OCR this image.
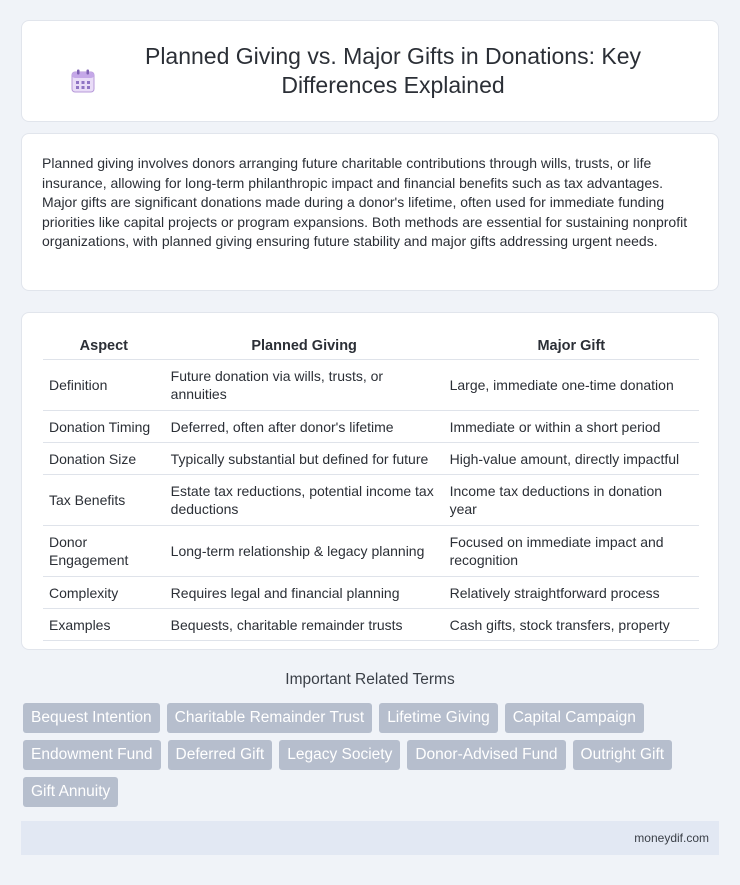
Planned Giving vs. Major Gifts in Donations: Key Differences Explained

Planned giving involves donors arranging future charitable contributions through wills, trusts, or life insurance, allowing for long-term philanthropic impact and financial benefits such as tax advantages. Major gifts are significant donations made during a donor's lifetime, often used for immediate funding priorities like capital projects or program expansions. Both methods are essential for sustaining nonprofit organizations, with planned giving ensuring future stability and major gifts addressing urgent needs.

Aspect	Planned Giving	Major Gift
Definition	Future donation via wills, trusts, or annuities	Large, immediate one-time donation
Donation Timing	Deferred, often after donor's lifetime	Immediate or within a short period
Donation Size	Typically substantial but defined for future	High-value amount, directly impactful
Tax Benefits	Estate tax reductions, potential income tax deductions	Income tax deductions in donation year
Donor Engagement	Long-term relationship & legacy planning	Focused on immediate impact and recognition
Complexity	Requires legal and financial planning	Relatively straightforward process
Examples	Bequests, charitable remainder trusts	Cash gifts, stock transfers, property
Important Related Terms
Bequest Intention	Charitable Remainder Trust	Lifetime Giving	Capital Campaign
Endowment Fund	Deferred Gift	Legacy Society	Donor-Advised Fund	Outright Gift
Gift Annuity
moneydif.com
